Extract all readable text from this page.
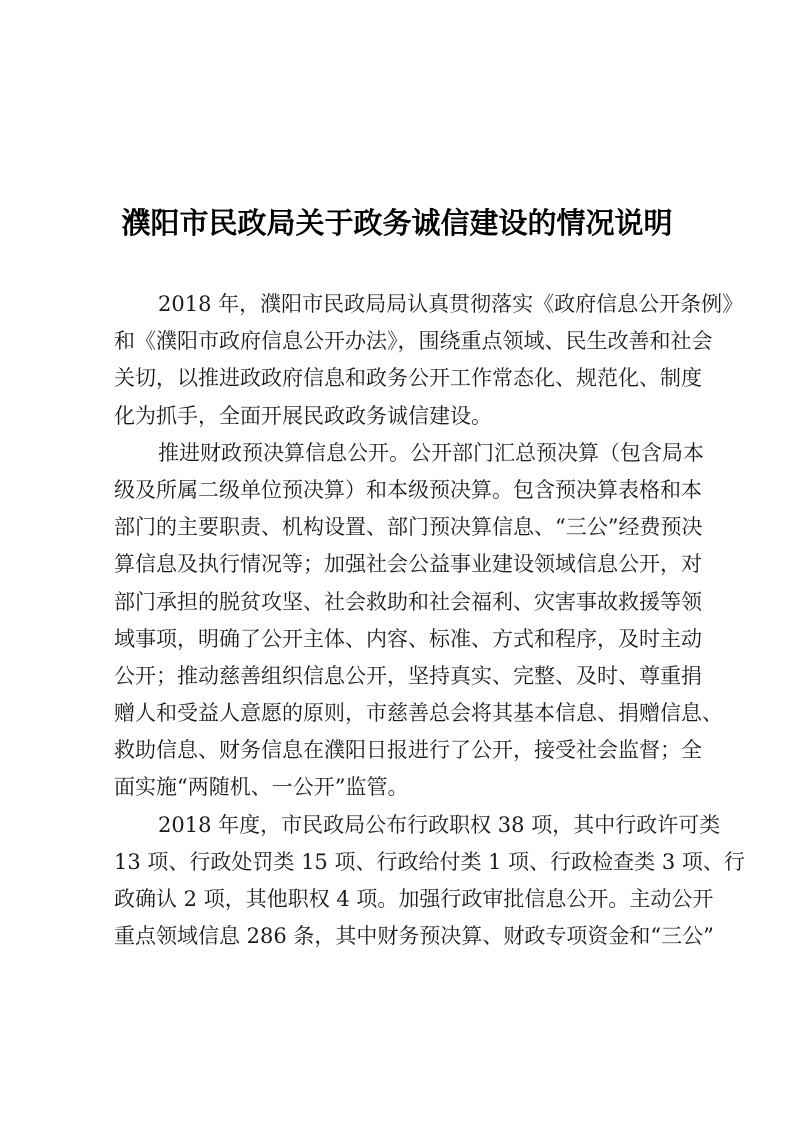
濮阳市民政局关于政务诚信建设的情况说明
2018 年，濮阳市民政局局认真贯彻落实《政府信息公开条例》
和《濮阳市政府信息公开办法》，围绕重点领域、民生改善和社会
关切，以推进政政府信息和政务公开工作常态化、规范化、制度
化为抓手，全面开展民政政务诚信建设。
推进财政预决算信息公开。公开部门汇总预决算（包含局本
级及所属二级单位预决算）和本级预决算。包含预决算表格和本
部门的主要职责、机构设置、部门预决算信息、“三公”经费预决
算信息及执行情况等；加强社会公益事业建设领域信息公开，对
部门承担的脱贫攻坚、社会救助和社会福利、灾害事故救援等领
域事项，明确了公开主体、内容、标准、方式和程序，及时主动
公开；推动慈善组织信息公开，坚持真实、完整、及时、尊重捐
赠人和受益人意愿的原则，市慈善总会将其基本信息、捐赠信息、
救助信息、财务信息在濮阳日报进行了公开，接受社会监督；全
面实施“两随机、一公开”监管。
2018 年度，市民政局公布行政职权 38 项，其中行政许可类
13 项、行政处罚类 15 项、行政给付类 1 项、行政检查类 3 项、行
政确认 2 项，其他职权 4 项。加强行政审批信息公开。主动公开
重点领域信息 286 条，其中财务预决算、财政专项资金和“三公”
